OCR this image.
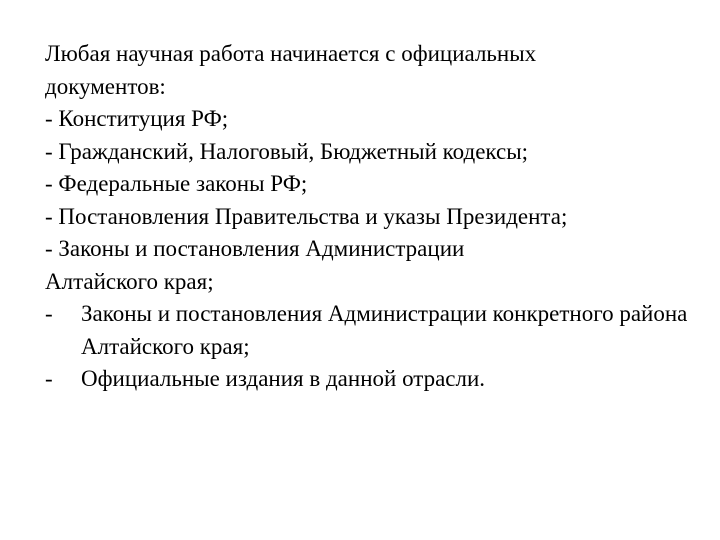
Любая научная работа начинается с официальных
документов:
- Конституция РФ;
- Гражданский, Налоговый, Бюджетный кодексы;
- Федеральные законы РФ;
- Постановления Правительства и указы Президента;
- Законы и постановления Администрации
Алтайского края;
-	Законы и постановления Администрации конкретного района Алтайского края;
-	Официальные издания в данной отрасли.
